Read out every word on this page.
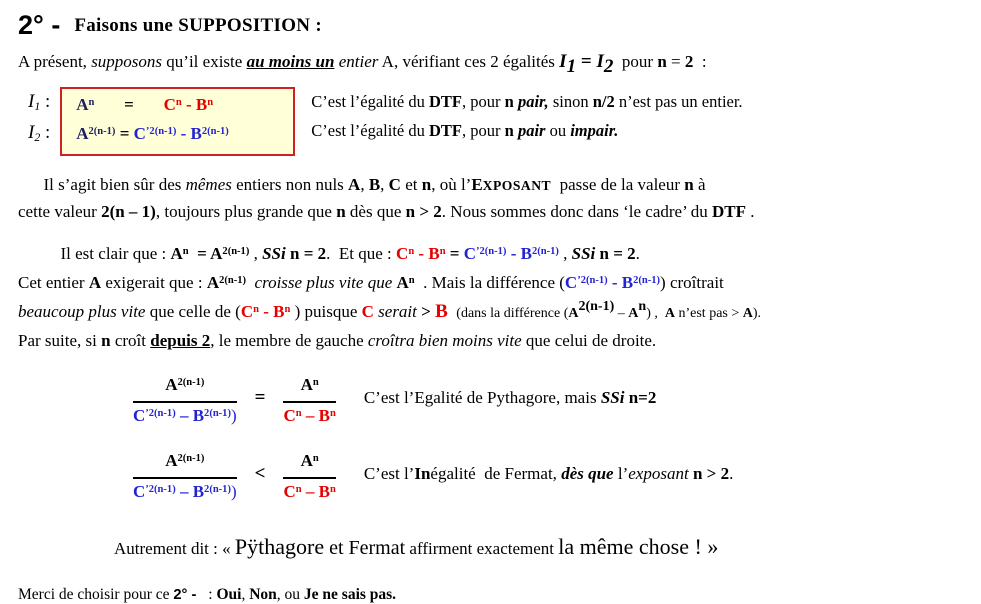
2° - Faisons une SUPPOSITION :

A présent, supposons qu’il existe au moins un entier A, vérifiant ces 2 égalités I1 = I2  pour n = 2  :

I1 :
I2 :
$A^n = C^n - B^n$
$A^{2(n-1)} = C^{’2(n-1)} - B^{2(n-1)}$
C’est l’égalité du DTF, pour n pair, sinon n/2 n’est pas un entier.
C’est l’égalité du DTF, pour n pair ou impair.

Il s’agit bien sûr des mêmes entiers non nuls A, B, C et n, où l’EXPOSANT  passe de la valeur n à

cette valeur 2(n – 1), toujours plus grande que n dès que n > 2. Nous sommes donc dans ‘le cadre’ du DTF .

Il est clair que : $A^n = A^{2(n-1)}$ , SSi n = 2.  Et que : $C^n - B^n = C^{’2(n-1)} - B^{2(n-1)}$ , SSi n = 2.

Cet entier A exigerait que : $A^{2(n-1)}$ croisse plus vite que $A^n$  . Mais la différence $(C^{’2(n-1)} - B^{2(n-1)})$ croîtrait

beaucoup plus vite que celle de ($C^n - B^n$ ) puisque C serait > B (dans la différence $(A^{2(n-1)} - A^n)$ ,  A n’est pas > A).

Par suite, si n croît depuis 2, le membre de gauche croîtra bien moins vite que celui de droite.

$\frac{A^{2(n-1)}}{C^{’2(n-1)} - B^{2(n-1)})} = \frac{A^n}{C^n - B^n}$ C’est l’Egalité de Pythagore, mais SSi n=2
$\frac{A^{2(n-1)}}{C^{’2(n-1)} - B^{2(n-1)})} < \frac{A^n}{C^n - B^n}$ C’est l’Inégalité  de Fermat, dès que l’exposant n > 2.

Autrement dit : « Pÿthagore et Fermat affirment exactement la même chose ! »

Merci de choisir pour ce 2° -   : Oui, Non, ou Je ne sais pas.
